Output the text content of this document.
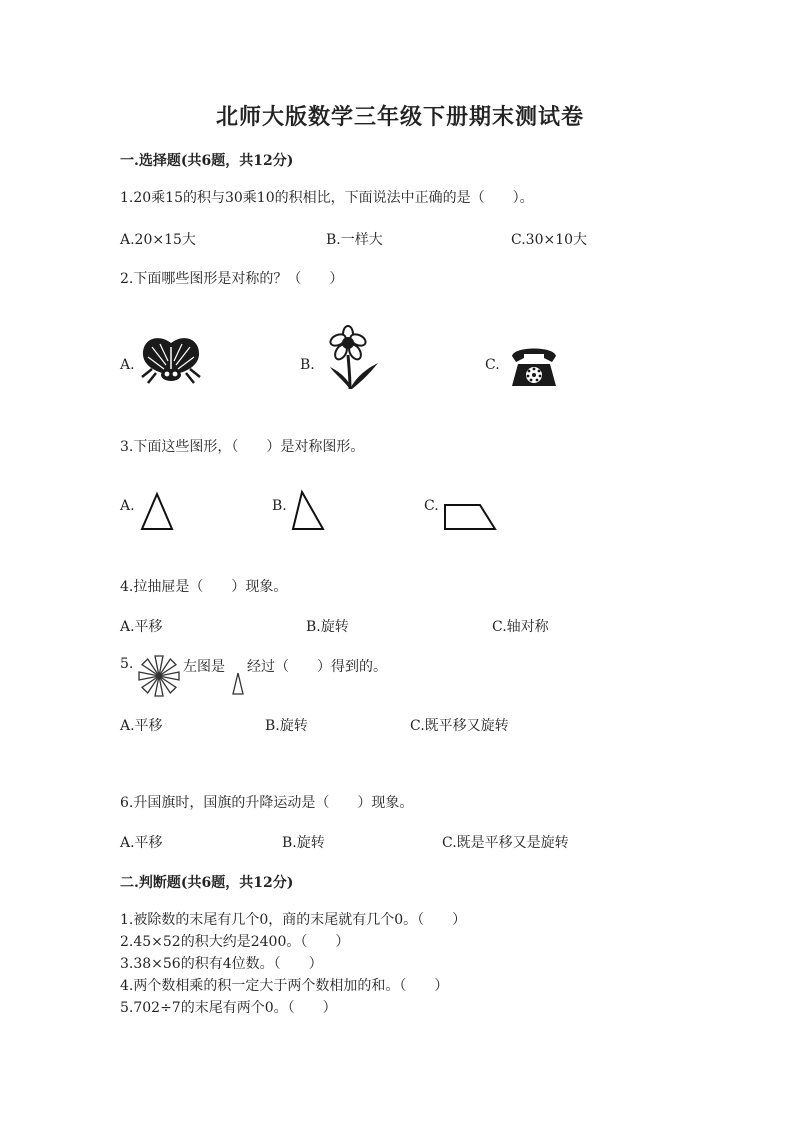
北师大版数学三年级下册期末测试卷
一.选择题(共6题，共12分)
1.20乘15的积与30乘10的积相比，下面说法中正确的是（　　）。
A.20×15大	B.一样大	C.30×10大
2.下面哪些图形是对称的？（　　）
A.	B.	C.
3.下面这些图形，（　　）是对称图形。
A.	B.	C.
4.拉抽屉是（　　）现象。
A.平移	B.旋转	C.轴对称
5.	左图是 经过（　　）得到的。
A.平移	B.旋转	C.既平移又旋转
6.升国旗时，国旗的升降运动是（　　）现象。
A.平移	B.旋转	C.既是平移又是旋转
二.判断题(共6题，共12分)
1.被除数的末尾有几个0，商的末尾就有几个0。（　　）
2.45×52的积大约是2400。（　　）
3.38×56的积有4位数。（　　）
4.两个数相乘的积一定大于两个数相加的和。（　　）
5.702÷7的末尾有两个0。（　　）
